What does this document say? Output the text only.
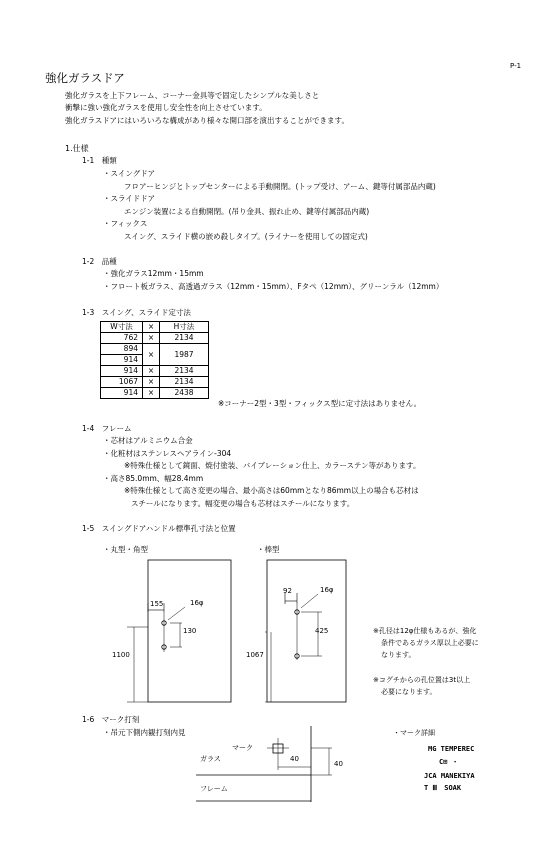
P-1
強化ガラスドア
強化ガラスを上下フレーム、コーナー金具等で固定したシンプルな美しさと
衝撃に強い強化ガラスを使用し安全性を向上させています。
強化ガラスドアにはいろいろな構成があり様々な開口部を演出することができます。
1.仕様
1-1　種類
・スイングドア
フロアーヒンジとトップセンターによる手動開閉。(トップ受け、アーム、鍵等付属部品内蔵)
・スライドドア
エンジン装置による自動開閉。(吊り金具、振れ止め、鍵等付属部品内蔵)
・フィックス
スイング、スライド横の嵌め殺しタイプ。(ライナーを使用しての固定式)
1-2　品種
・強化ガラス12mm・15mm
・フロート板ガラス、高透過ガラス（12mm・15mm）、Fタペ（12mm）、グリーンラル（12mm）
1-3　スイング、スライド定寸法
W寸法	×	H寸法
762	×	2134
894	×	1987
914		
914	×	2134
1067	×	2134
914	×	2438
※コーナー2型・3型・フィックス型に定寸法はありません。
1-4　フレーム
・芯材はアルミニウム合金
・化粧材はステンレスヘアライン-304
※特殊仕様として鏡面、焼付塗装、バイブレーション仕上、カラーステン等があります。
・高さ85.0mm、幅28.4mm
※特殊仕様として高さ変更の場合、最小高さは60mmとなり86mm以上の場合も芯材は
スチールになります。幅変更の場合も芯材はスチールになります。
1-5　スイングドアハンドル標準孔寸法と位置
・丸型・角型	・棒型
155	16φ
130
1100
92	16φ
425
1067
※孔径は12φ仕様もあるが、強化
条件であるガラス厚以上必要に
なります。
※コグチからの孔位置は3t以上
必要になります。
1-6　マーク打刻
・吊元下側内観打刻内見
マーク
ガラス
フレーム
40
40
・マーク詳細
MG TEMPEREC
C⊞ ・
JCA MANEKIYA
T Ⅲ　SOAK
